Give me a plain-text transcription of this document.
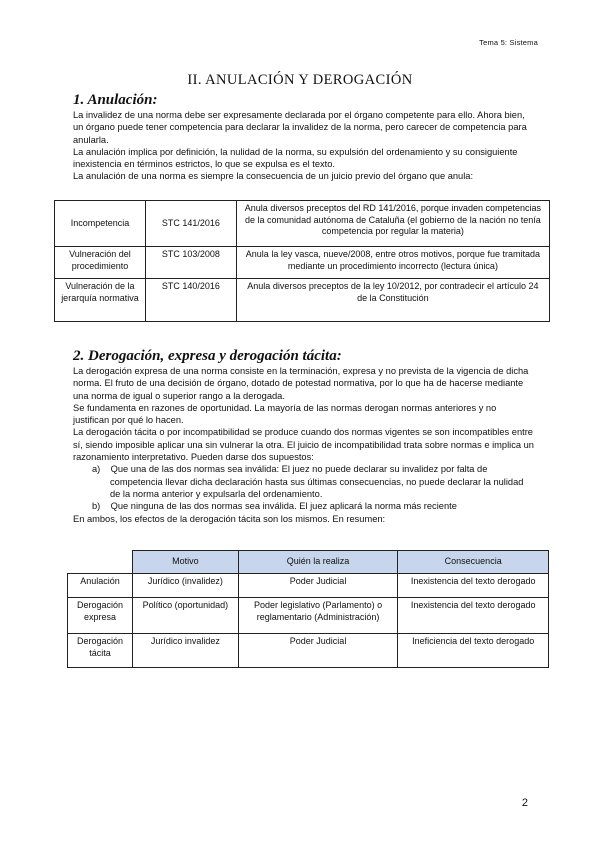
Tema 5: Sistema
II. ANULACIÓN Y DEROGACIÓN
1. Anulación:

La invalidez de una norma debe ser expresamente declarada por el órgano competente para ello. Ahora bien, un órgano puede tener competencia para declarar la invalidez de la norma, pero carecer de competencia para anularla.

La anulación implica por definición, la nulidad de la norma, su expulsión del ordenamiento y su consiguiente inexistencia en términos estrictos, lo que se expulsa es el texto.

La anulación de una norma es siempre la consecuencia de un juicio previo del órgano que anula:

Incompetencia	STC 141/2016	Anula diversos preceptos del RD 141/2016, porque invaden competencias de la comunidad autónoma de Cataluña (el gobierno de la nación no tenía competencia por regular la materia)
Vulneración del procedimiento	STC 103/2008	Anula la ley vasca, nueve/2008, entre otros motivos, porque fue tramitada mediante un procedimiento incorrecto (lectura única)
Vulneración de la jerarquía normativa	STC 140/2016	Anula diversos preceptos de la ley 10/2012, por contradecir el artículo 24 de la Constitución
2. Derogación, expresa y derogación tácita:

La derogación expresa de una norma consiste en la terminación, expresa y no prevista de la vigencia de dicha norma. El fruto de una decisión de órgano, dotado de potestad normativa, por lo que ha de hacerse mediante una norma de igual o superior rango a la derogada.

Se fundamenta en razones de oportunidad. La mayoría de las normas derogan normas anteriores y no justifican por qué lo hacen.

La derogación tácita o por incompatibilidad se produce cuando dos normas vigentes se son incompatibles entre sí, siendo imposible aplicar una sin vulnerar la otra. El juicio de incompatibilidad trata sobre normas e implica un razonamiento interpretativo. Pueden darse dos supuestos:

a) Que una de las dos normas sea inválida: El juez no puede declarar su invalidez por falta de competencia llevar dicha declaración hasta sus últimas consecuencias, no puede declarar la nulidad de la norma anterior y expulsarla del ordenamiento.

b) Que ninguna de las dos normas sea inválida. El juez aplicará la norma más reciente

En ambos, los efectos de la derogación tácita son los mismos. En resumen:

	Motivo	Quién la realiza	Consecuencia
Anulación	Jurídico (invalidez)	Poder Judicial	Inexistencia del texto derogado
Derogación expresa	Político (oportunidad)	Poder legislativo (Parlamento) o reglamentario (Administración)	Inexistencia del texto derogado
Derogación tácita	Jurídico invalidez	Poder Judicial	Ineficiencia del texto derogado
2
